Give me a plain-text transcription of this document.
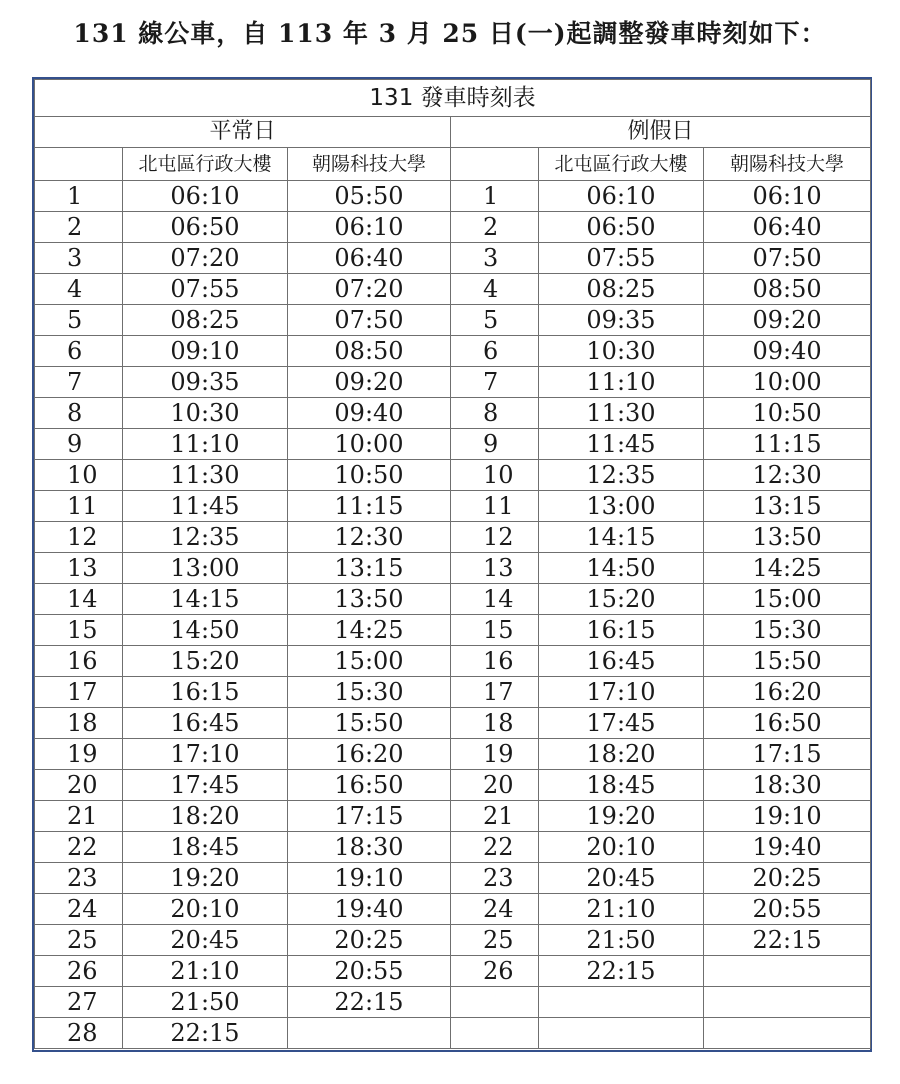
131 線公車，自 113 年 3 月 25 日(一)起調整發車時刻如下：
131 發車時刻表					
平常日			例假日		
	北屯區行政大樓	朝陽科技大學		北屯區行政大樓	朝陽科技大學
1	06:10	05:50	1	06:10	06:10
2	06:50	06:10	2	06:50	06:40
3	07:20	06:40	3	07:55	07:50
4	07:55	07:20	4	08:25	08:50
5	08:25	07:50	5	09:35	09:20
6	09:10	08:50	6	10:30	09:40
7	09:35	09:20	7	11:10	10:00
8	10:30	09:40	8	11:30	10:50
9	11:10	10:00	9	11:45	11:15
10	11:30	10:50	10	12:35	12:30
11	11:45	11:15	11	13:00	13:15
12	12:35	12:30	12	14:15	13:50
13	13:00	13:15	13	14:50	14:25
14	14:15	13:50	14	15:20	15:00
15	14:50	14:25	15	16:15	15:30
16	15:20	15:00	16	16:45	15:50
17	16:15	15:30	17	17:10	16:20
18	16:45	15:50	18	17:45	16:50
19	17:10	16:20	19	18:20	17:15
20	17:45	16:50	20	18:45	18:30
21	18:20	17:15	21	19:20	19:10
22	18:45	18:30	22	20:10	19:40
23	19:20	19:10	23	20:45	20:25
24	20:10	19:40	24	21:10	20:55
25	20:45	20:25	25	21:50	22:15
26	21:10	20:55	26	22:15	
27	21:50	22:15			
28	22:15				
